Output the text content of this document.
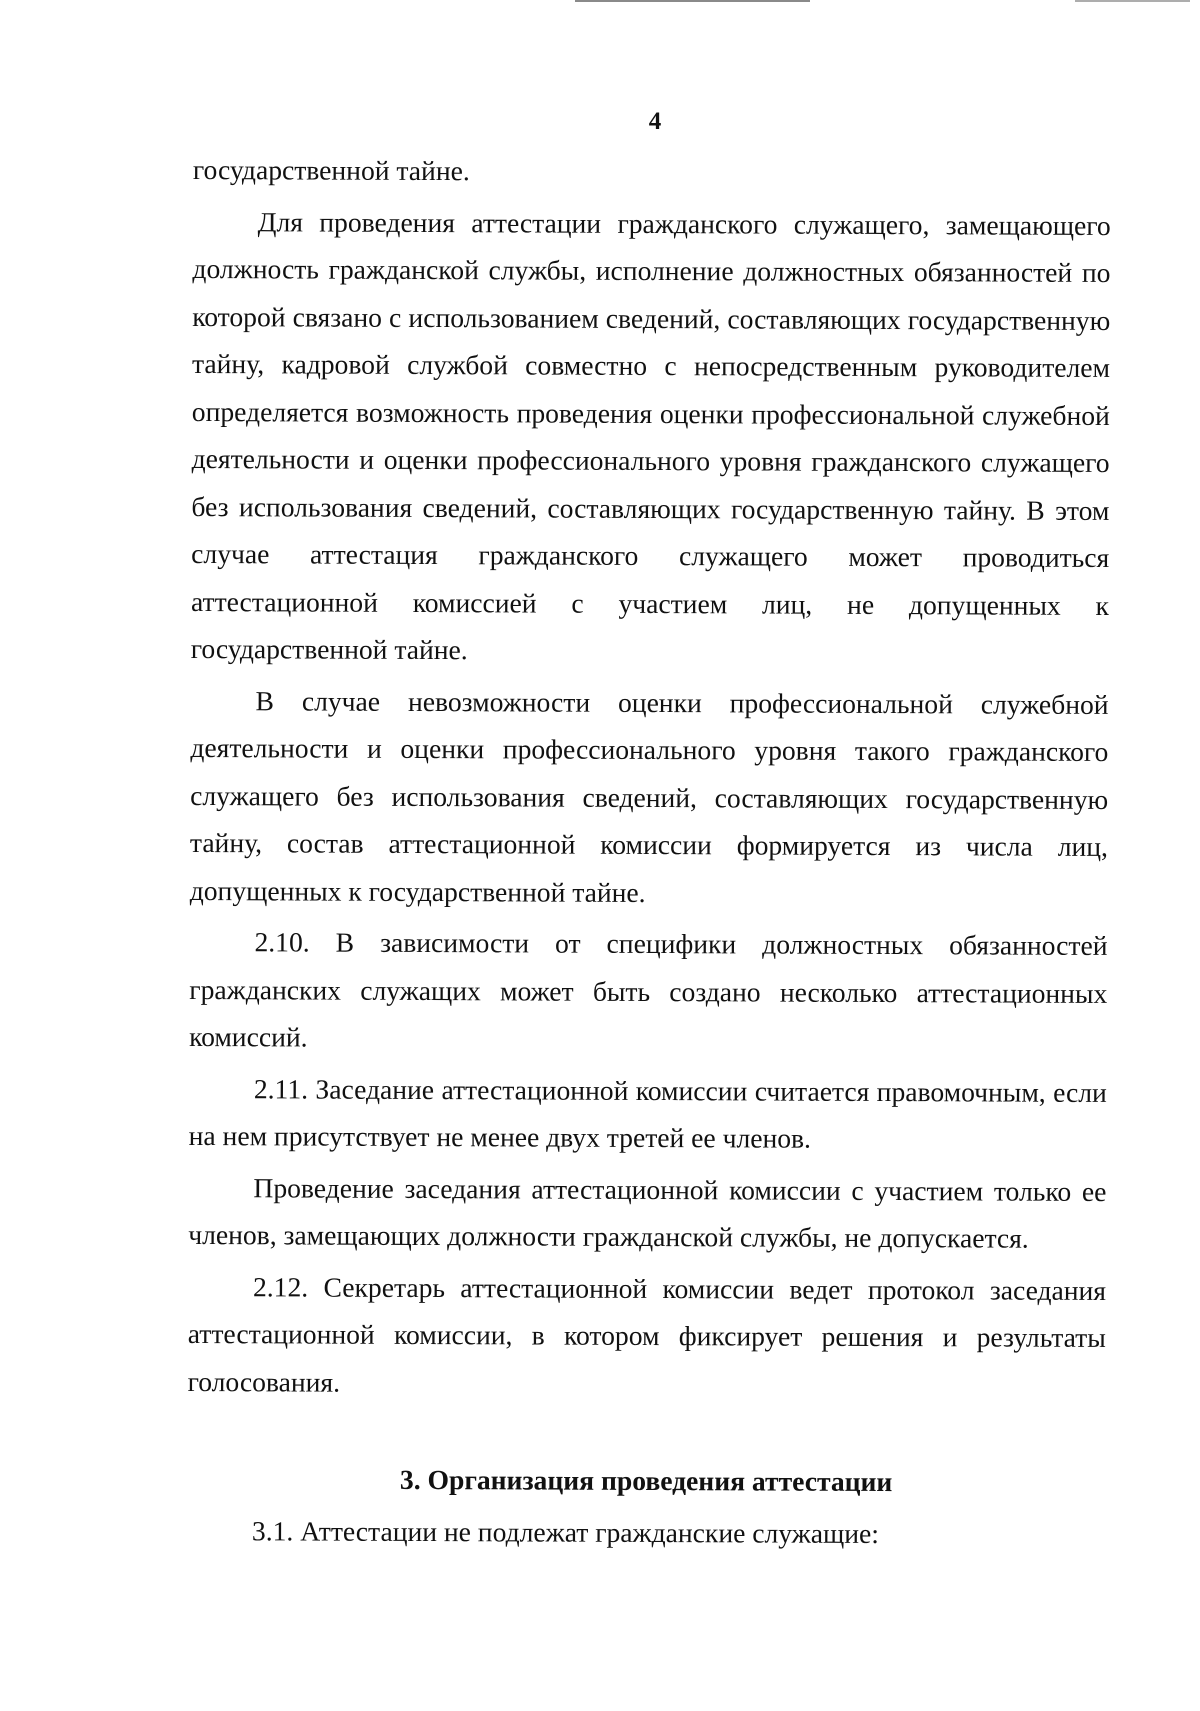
4

государственной тайне.

Для проведения аттестации гражданского служащего, замещающего должность гражданской службы, исполнение должностных обязанностей по которой связано с использованием сведений, составляющих государственную тайну, кадровой службой совместно с непосредственным руководителем определяется возможность проведения оценки профессиональной служебной деятельности и оценки профессионального уровня гражданского служащего без использования сведений, составляющих государственную тайну. В этом случае аттестация гражданского служащего может проводиться аттестационной комиссией с участием лиц, не допущенных к государственной тайне.

В случае невозможности оценки профессиональной служебной деятельности и оценки профессионального уровня такого гражданского служащего без использования сведений, составляющих государственную тайну, состав аттестационной комиссии формируется из числа лиц, допущенных к государственной тайне.

2.10. В зависимости от специфики должностных обязанностей гражданских служащих может быть создано несколько аттестационных комиссий.

2.11. Заседание аттестационной комиссии считается правомочным, если на нем присутствует не менее двух третей ее членов.

Проведение заседания аттестационной комиссии с участием только ее членов, замещающих должности гражданской службы, не допускается.

2.12. Секретарь аттестационной комиссии ведет протокол заседания аттестационной комиссии, в котором фиксирует решения и результаты голосования.

3. Организация проведения аттестации

3.1. Аттестации не подлежат гражданские служащие:
